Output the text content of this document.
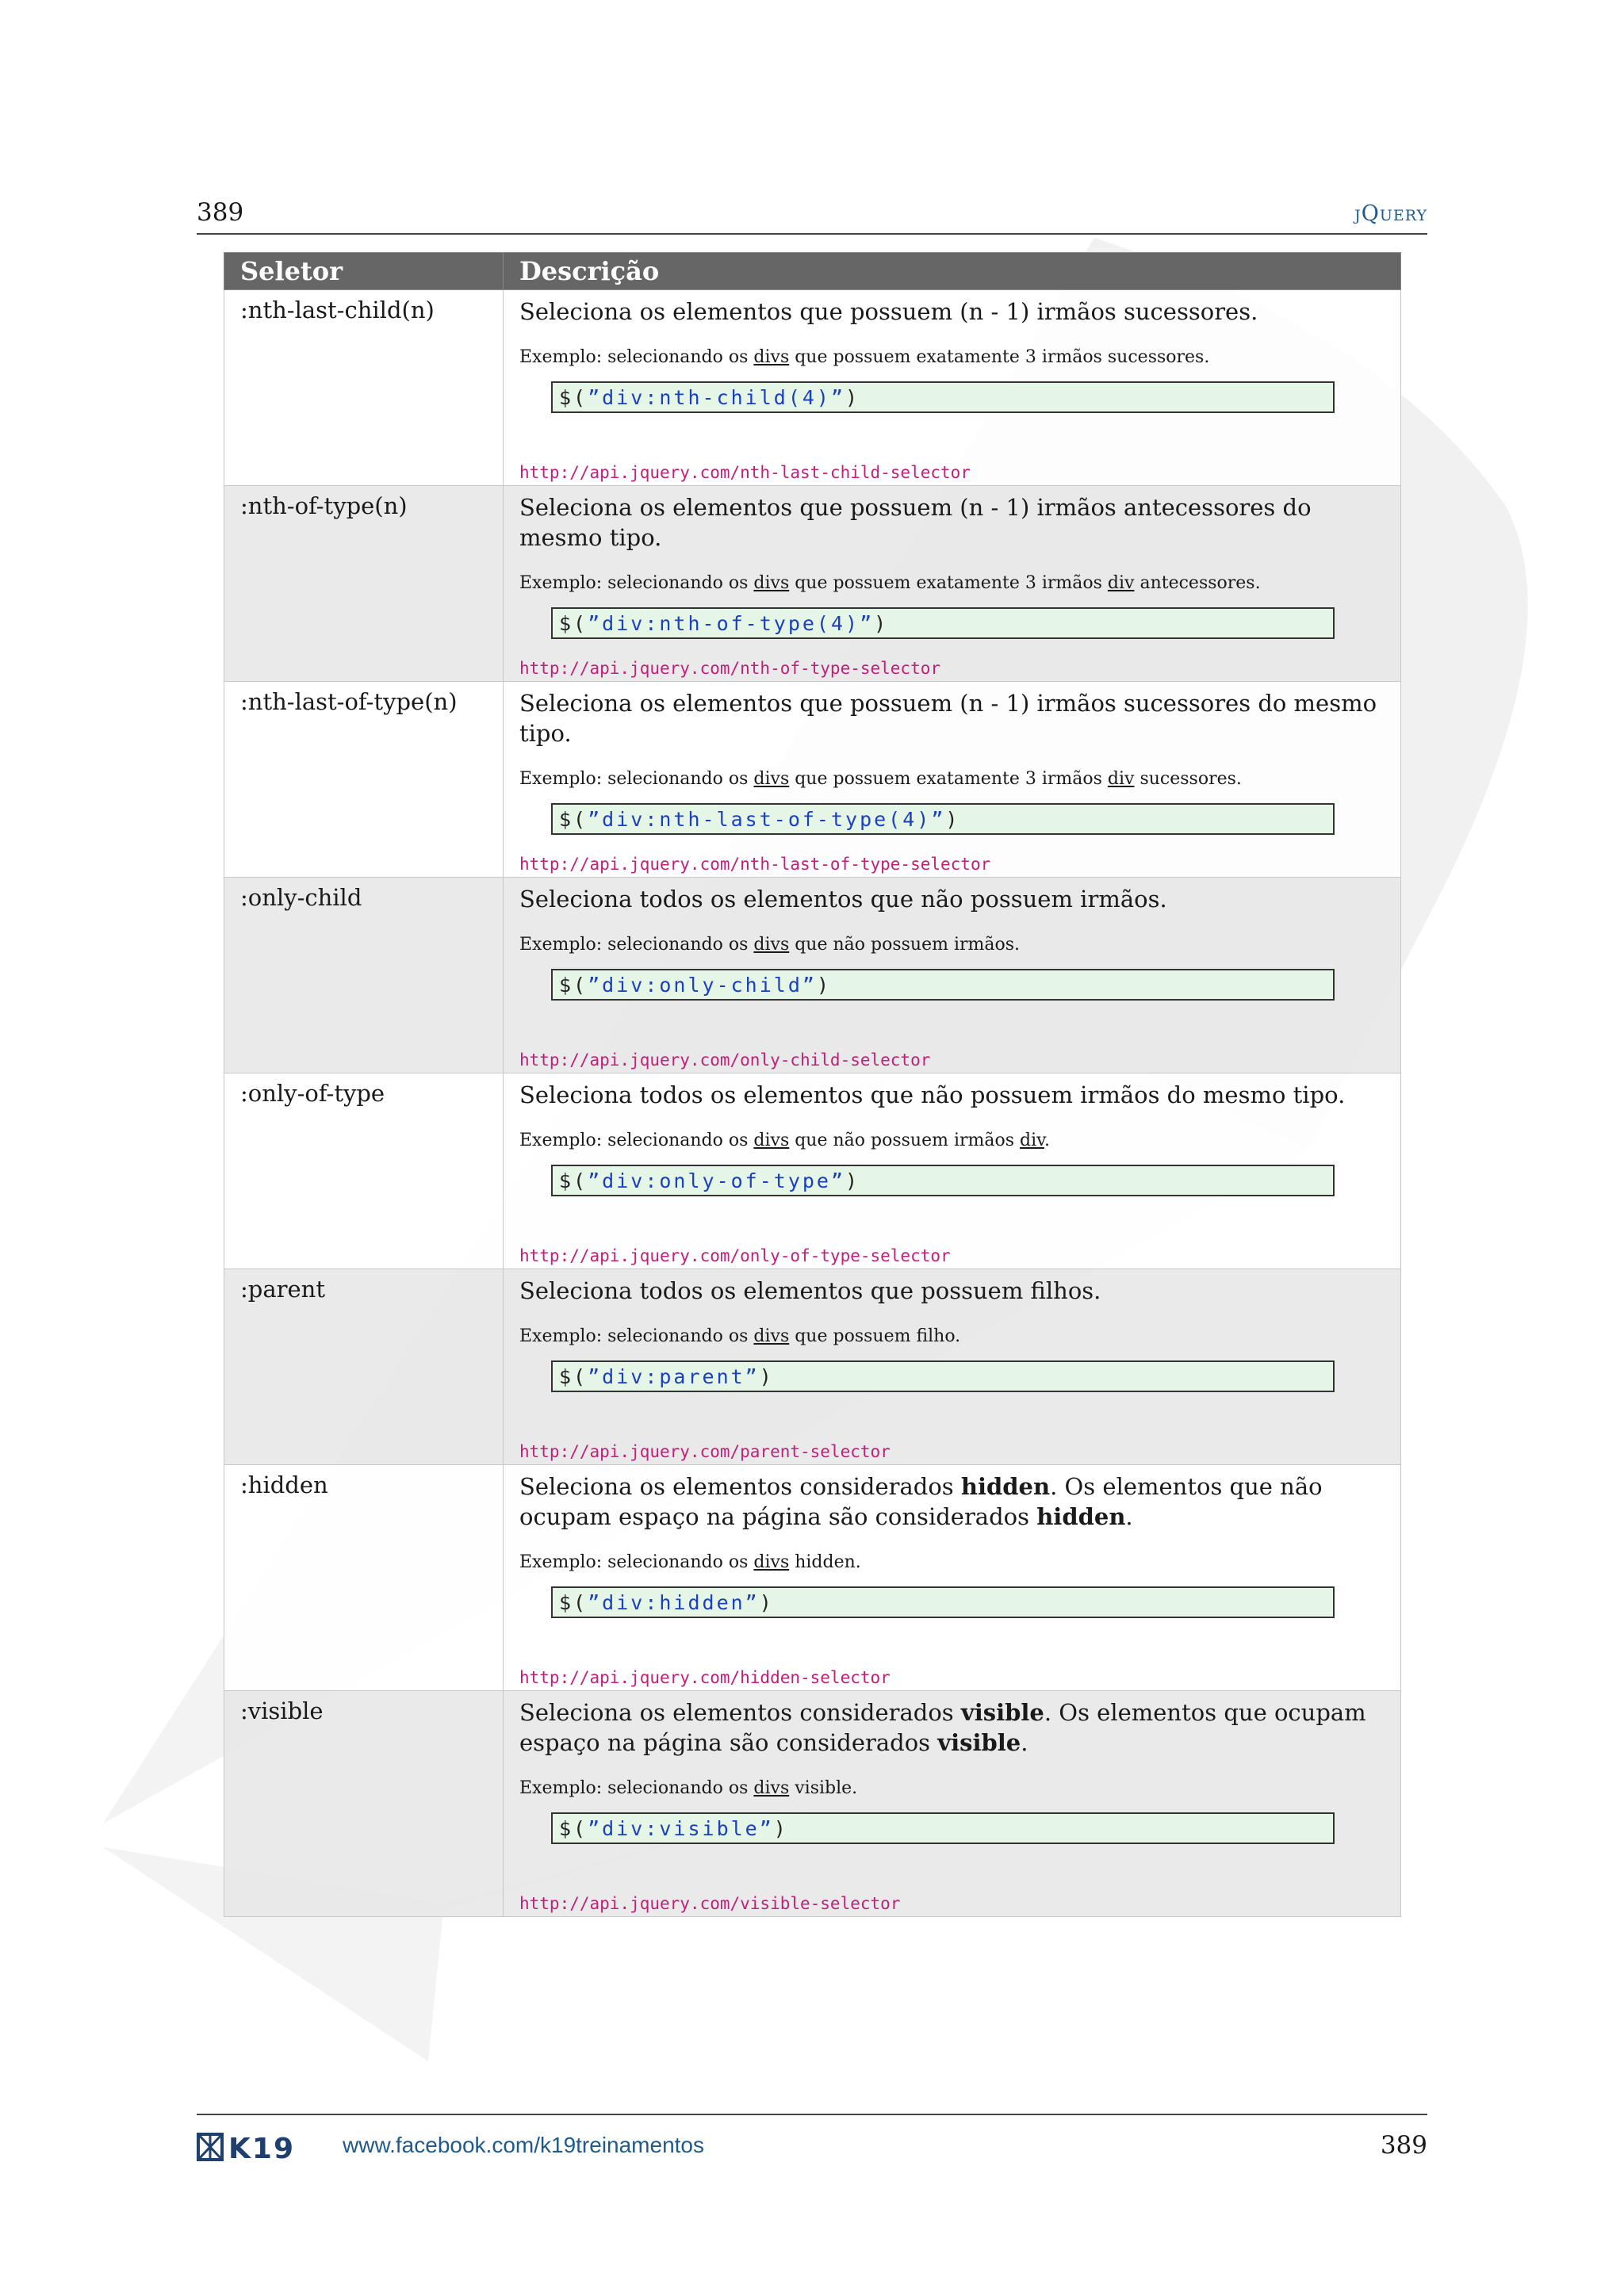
389	jQuery
Seletor	Descrição
:nth-last-child(n)	Seleciona os elementos que possuem (n - 1) irmãos sucessores.
Exemplo: selecionando os divs que possuem exatamente 3 irmãos sucessores.
$(”div:nth-child(4)”)
http://api.jquery.com/nth-last-child-selector

:nth-of-type(n)	Seleciona os elementos que possuem (n - 1) irmãos antecessores do mesmo tipo.
Exemplo: selecionando os divs que possuem exatamente 3 irmãos div antecessores.
$(”div:nth-of-type(4)”)
http://api.jquery.com/nth-of-type-selector

:nth-last-of-type(n)	Seleciona os elementos que possuem (n - 1) irmãos sucessores do mesmo tipo.
Exemplo: selecionando os divs que possuem exatamente 3 irmãos div sucessores.
$(”div:nth-last-of-type(4)”)
http://api.jquery.com/nth-last-of-type-selector

:only-child	Seleciona todos os elementos que não possuem irmãos.
Exemplo: selecionando os divs que não possuem irmãos.
$(”div:only-child”)
http://api.jquery.com/only-child-selector

:only-of-type	Seleciona todos os elementos que não possuem irmãos do mesmo tipo.
Exemplo: selecionando os divs que não possuem irmãos div.
$(”div:only-of-type”)
http://api.jquery.com/only-of-type-selector

:parent	Seleciona todos os elementos que possuem filhos.
Exemplo: selecionando os divs que possuem filho.
$(”div:parent”)
http://api.jquery.com/parent-selector

:hidden	Seleciona os elementos considerados hidden. Os elementos que não ocupam espaço na página são considerados hidden.
Exemplo: selecionando os divs hidden.
$(”div:hidden”)
http://api.jquery.com/hidden-selector

:visible	Seleciona os elementos considerados visible. Os elementos que ocupam espaço na página são considerados visible.
Exemplo: selecionando os divs visible.
$(”div:visible”)
http://api.jquery.com/visible-selector
K19 www.facebook.com/k19treinamentos	389
